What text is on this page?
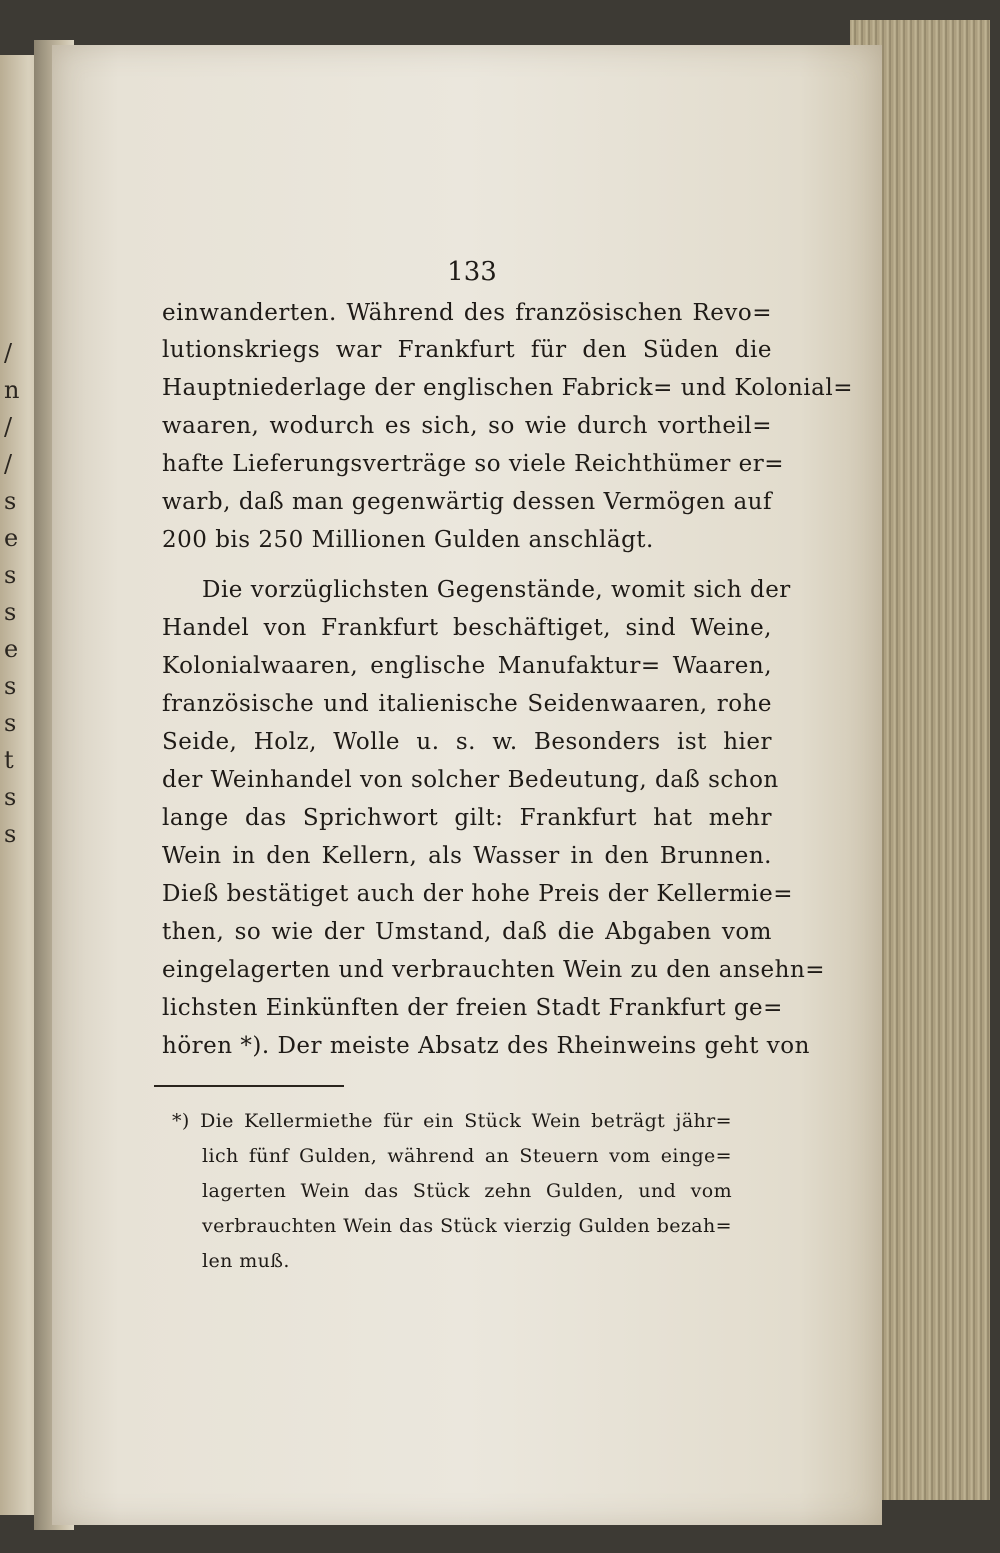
/
n
/
/
s
e
s
s
e
s
s
t
s
s
133
einwanderten. Während des französischen Revo=
lutionskriegs war Frankfurt für den Süden die
Hauptniederlage der englischen Fabrick= und Kolonial=
waaren, wodurch es sich, so wie durch vortheil=
hafte Lieferungsverträge so viele Reichthümer er=
warb, daß man gegenwärtig dessen Vermögen auf
200 bis 250 Millionen Gulden anschlägt.
Die vorzüglichsten Gegenstände, womit sich der
Handel von Frankfurt beschäftiget, sind Weine,
Kolonialwaaren, englische Manufaktur= Waaren,
französische und italienische Seidenwaaren, rohe
Seide, Holz, Wolle u. s. w. Besonders ist hier
der Weinhandel von solcher Bedeutung, daß schon
lange das Sprichwort gilt: Frankfurt hat mehr
Wein in den Kellern, als Wasser in den Brunnen.
Dieß bestätiget auch der hohe Preis der Kellermie=
then, so wie der Umstand, daß die Abgaben vom
eingelagerten und verbrauchten Wein zu den ansehn=
lichsten Einkünften der freien Stadt Frankfurt ge=
hören *). Der meiste Absatz des Rheinweins geht von
*) Die Kellermiethe für ein Stück Wein beträgt jähr=
lich fünf Gulden, während an Steuern vom einge=
lagerten Wein das Stück zehn Gulden, und vom
verbrauchten Wein das Stück vierzig Gulden bezah=
len muß.
